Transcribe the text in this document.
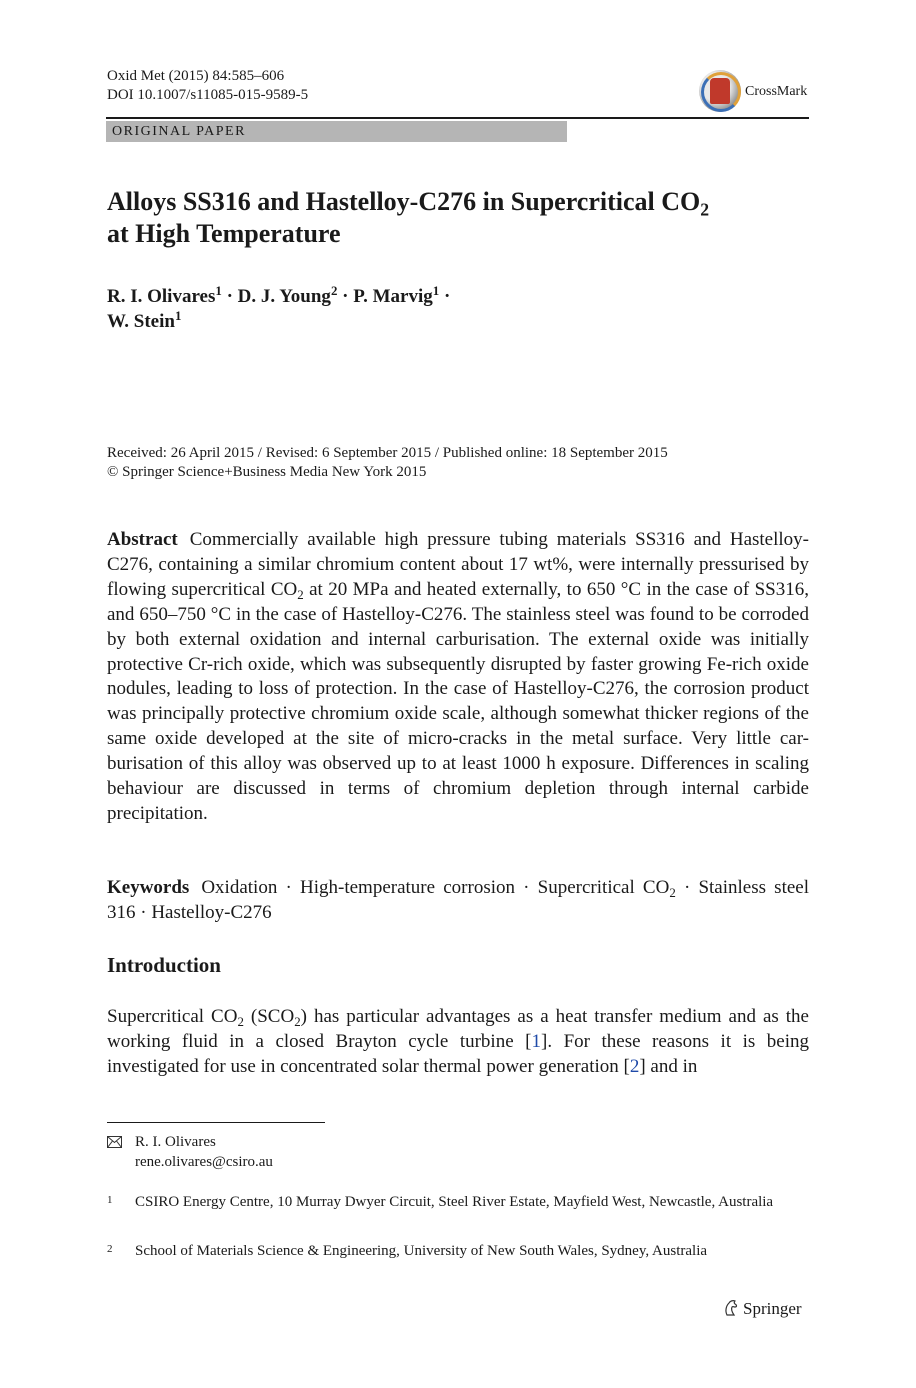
Oxid Met (2015) 84:585–606
DOI 10.1007/s11085-015-9589-5	CrossMark
ORIGINAL PAPER
Alloys SS316 and Hastelloy-C276 in Supercritical $CO_2$
at High Temperature
R. I. Olivares$^1$ · D. J. Young$^2$ · P. Marvig$^1$ ·
W. Stein$^1$
Received: 26 April 2015 / Revised: 6 September 2015 / Published online: 18 September 2015
© Springer Science+Business Media New York 2015
Abstract Commercially available high pressure tubing materials SS316 and Hastelloy-C276, containing a similar chromium content about 17 wt%, were internally pressurised by flowing supercritical $CO_2$ at 20 MPa and heated externally, to 650 °C in the case of SS316, and 650–750 °C in the case of Hastelloy-C276. The stainless steel was found to be corroded by both external oxidation and internal carburisation. The external oxide was initially protective Cr-rich oxide, which was subsequently disrupted by faster growing Fe-rich oxide nodules, leading to loss of protection. In the case of Hastelloy-C276, the corrosion product was principally protective chromium oxide scale, although somewhat thicker regions of the same oxide developed at the site of micro-cracks in the metal surface. Very little car-burisation of this alloy was observed up to at least 1000 h exposure. Differences in scaling behaviour are discussed in terms of chromium depletion through internal carbide precipitation.
Keywords Oxidation · High-temperature corrosion · Supercritical $CO_2$ · Stainless steel 316 · Hastelloy-C276
Introduction
Supercritical $CO_2$ $(SCO_2)$ has particular advantages as a heat transfer medium and as the working fluid in a closed Brayton cycle turbine [1]. For these reasons it is being investigated for use in concentrated solar thermal power generation [2] and in
R. I. Olivares
rene.olivares@csiro.au
1 CSIRO Energy Centre, 10 Murray Dwyer Circuit, Steel River Estate, Mayfield West, Newcastle, Australia
2 School of Materials Science & Engineering, University of New South Wales, Sydney, Australia
Springer
